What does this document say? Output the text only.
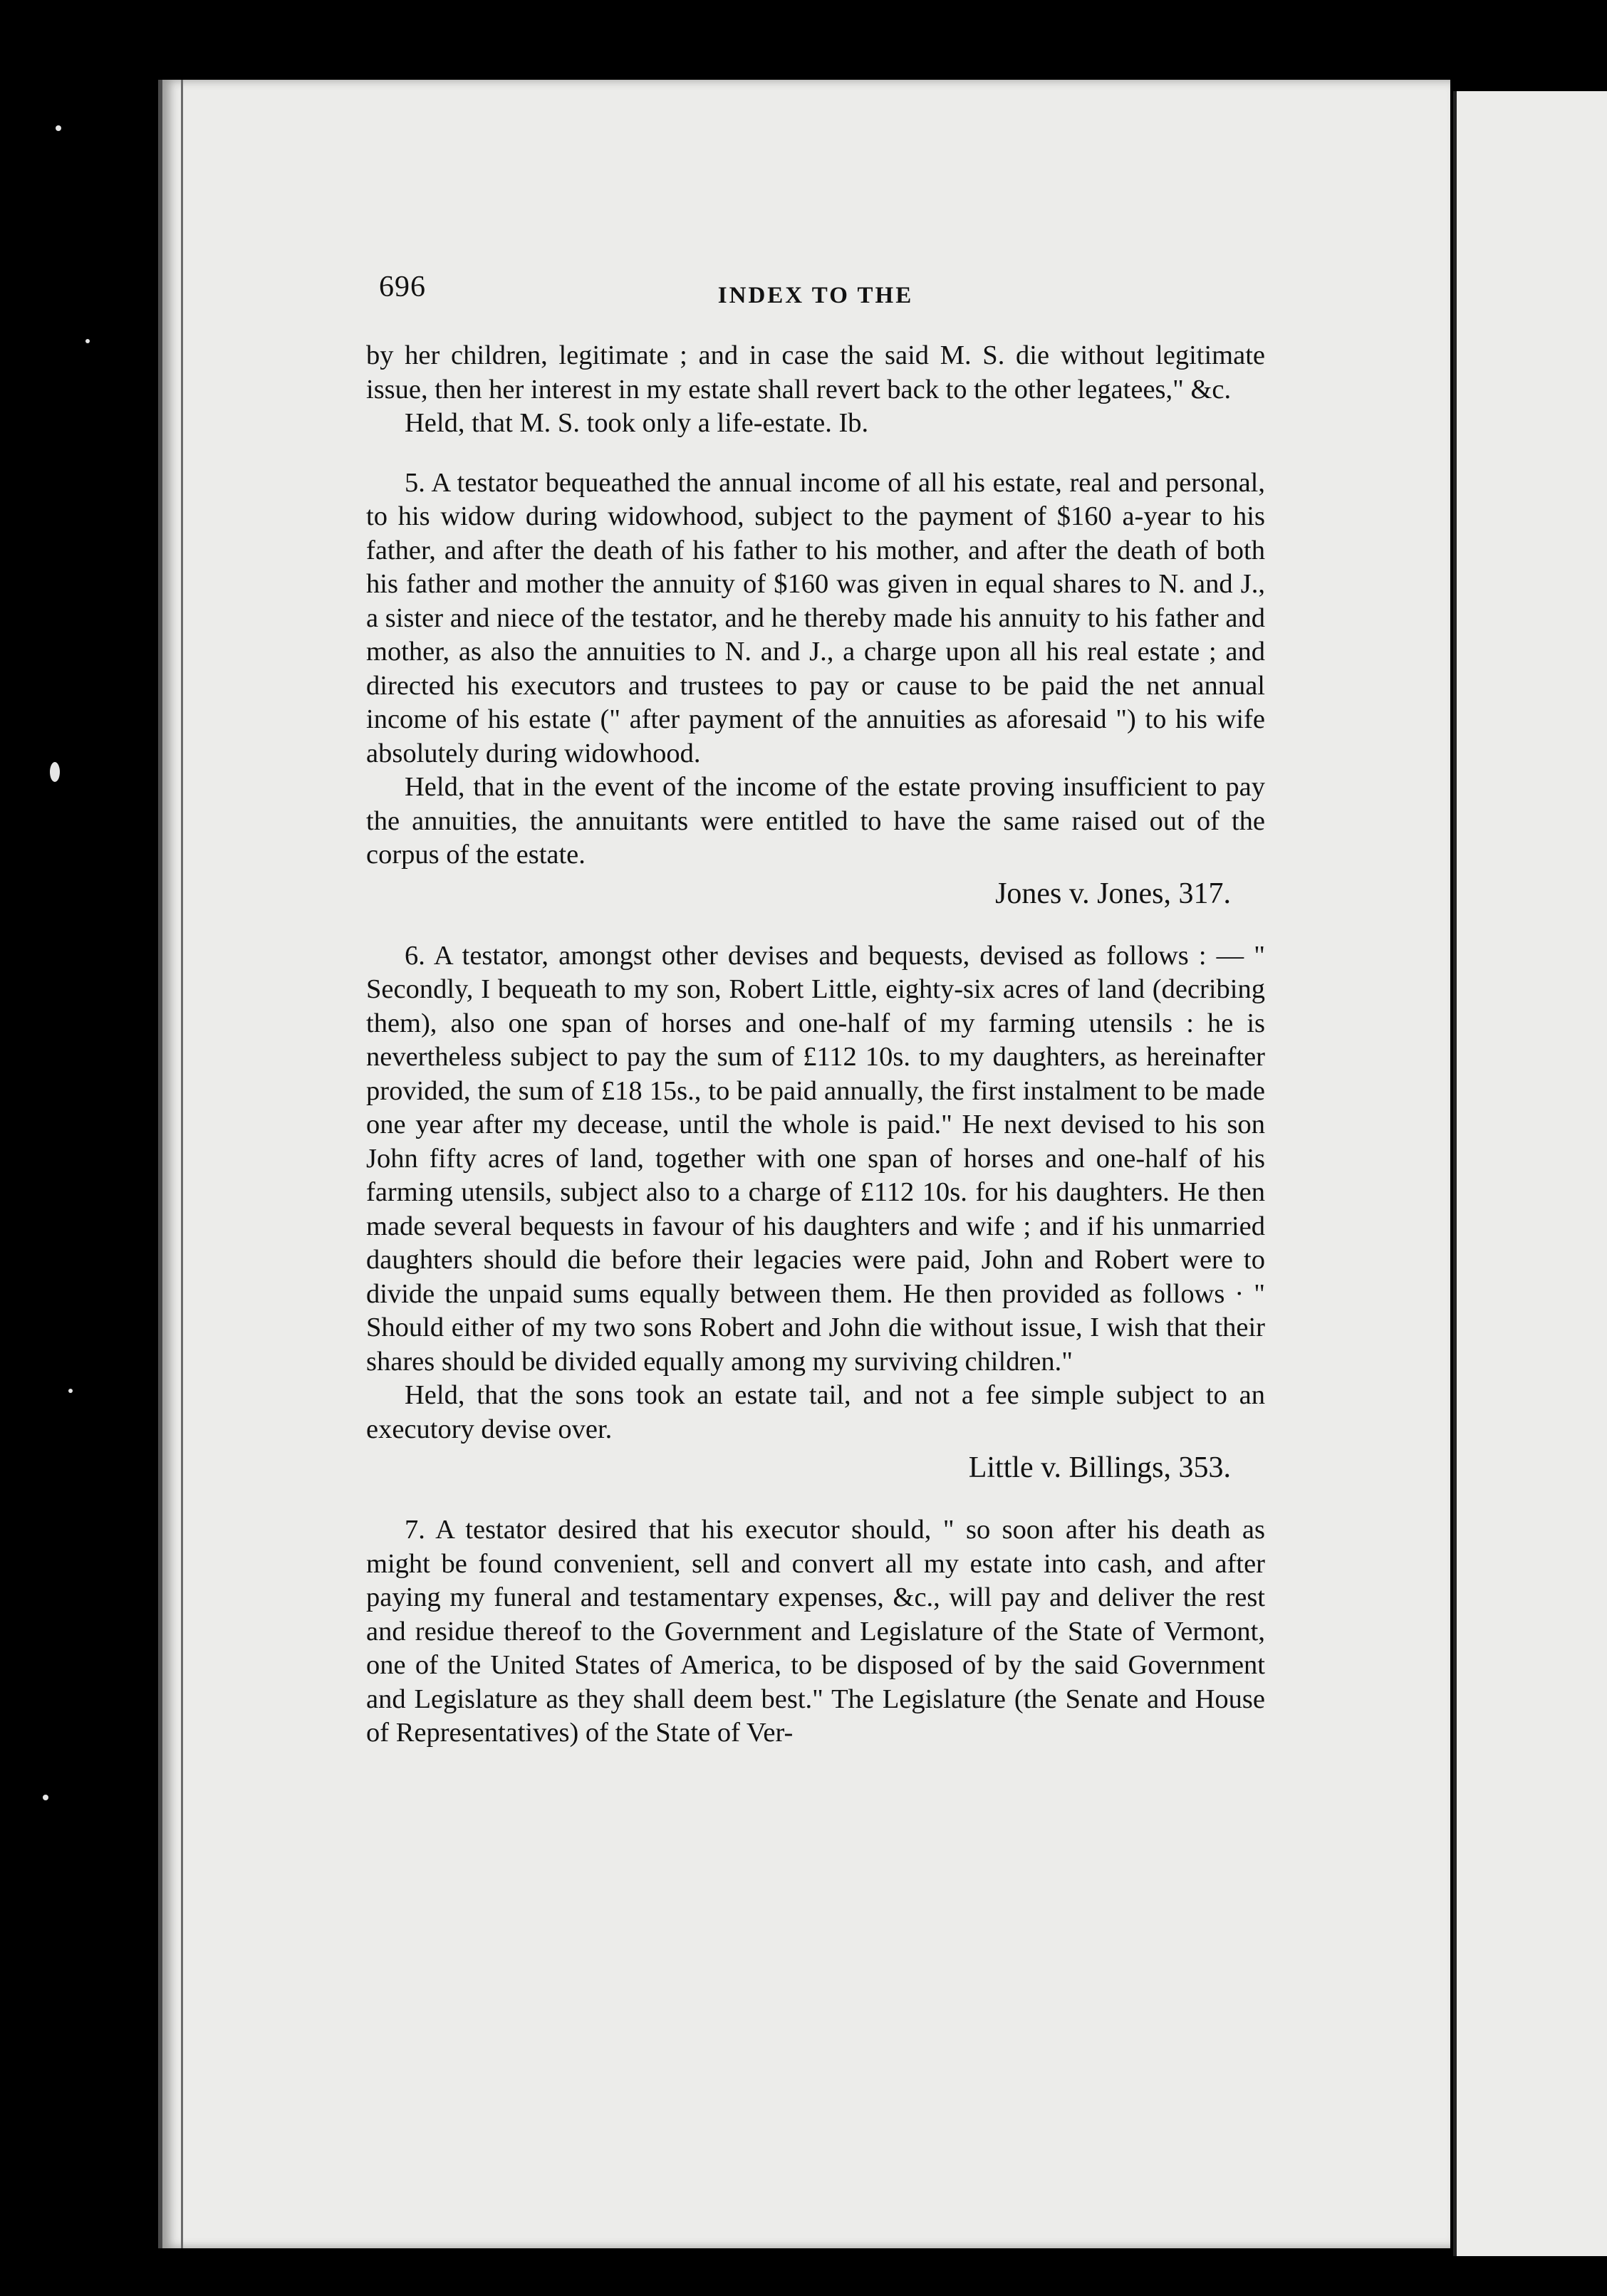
696	INDEX TO THE

by her children, legitimate ; and in case the said M. S. die without legitimate issue, then her interest in my estate shall revert back to the other legatees," &c.

Held, that M. S. took only a life-estate. Ib.

5. A testator bequeathed the annual income of all his estate, real and personal, to his widow during widowhood, subject to the payment of $160 a-year to his father, and after the death of his father to his mother, and after the death of both his father and mother the annuity of $160 was given in equal shares to N. and J., a sister and niece of the testator, and he thereby made his annuity to his father and mother, as also the annuities to N. and J., a charge upon all his real estate ; and directed his executors and trustees to pay or cause to be paid the net annual income of his estate (" after payment of the annuities as aforesaid ") to his wife absolutely during widowhood.

Held, that in the event of the income of the estate proving insufficient to pay the annuities, the annuitants were entitled to have the same raised out of the corpus of the estate.

Jones v. Jones, 317.

6. A testator, amongst other devises and bequests, devised as follows : — " Secondly, I bequeath to my son, Robert Little, eighty-six acres of land (decribing them), also one span of horses and one-half of my farming utensils : he is nevertheless subject to pay the sum of £112 10s. to my daughters, as hereinafter provided, the sum of £18 15s., to be paid annually, the first instalment to be made one year after my decease, until the whole is paid." He next devised to his son John fifty acres of land, together with one span of horses and one-half of his farming utensils, subject also to a charge of £112 10s. for his daughters. He then made several bequests in favour of his daughters and wife ; and if his unmarried daughters should die before their legacies were paid, John and Robert were to divide the unpaid sums equally between them. He then provided as follows · " Should either of my two sons Robert and John die without issue, I wish that their shares should be divided equally among my surviving children."

Held, that the sons took an estate tail, and not a fee simple subject to an executory devise over.

Little v. Billings, 353.

7. A testator desired that his executor should, " so soon after his death as might be found convenient, sell and convert all my estate into cash, and after paying my funeral and testamentary expenses, &c., will pay and deliver the rest and residue thereof to the Government and Legislature of the State of Vermont, one of the United States of America, to be disposed of by the said Government and Legislature as they shall deem best." The Legislature (the Senate and House of Representatives) of the State of Ver-
